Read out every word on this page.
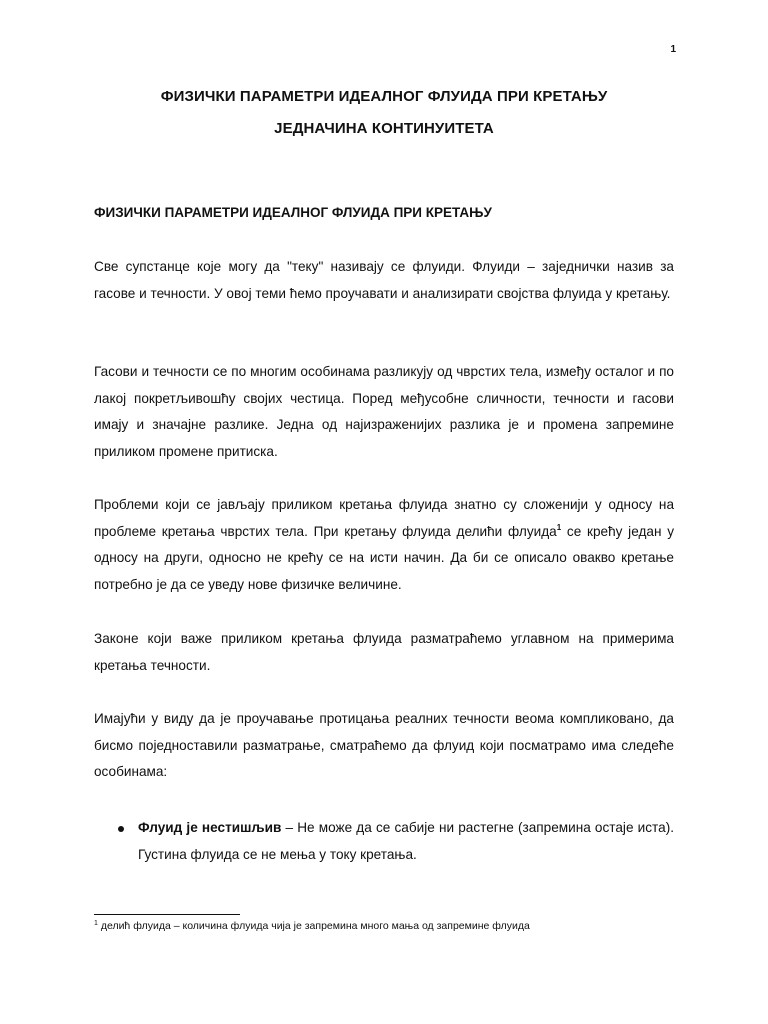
1
ФИЗИЧКИ ПАРАМЕТРИ ИДЕАЛНОГ ФЛУИДА ПРИ КРЕТАЊУ
ЈЕДНАЧИНА КОНТИНУИТЕТА
ФИЗИЧКИ ПАРАМЕТРИ ИДЕАЛНОГ ФЛУИДА ПРИ КРЕТАЊУ
Све супстанце које могу да "теку" називају се флуиди. Флуиди – заједнички назив за гасове и течности. У овој теми ћемо проучавати и анализирати својства флуида у кретању.
Гасови и течности се по многим особинама разликују од чврстих тела, између осталог и по лакој покретљивошћу својих честица. Поред међусобне сличности, течности и гасови имају и значајне разлике. Једна од најизраженијих разлика је и промена запремине приликом промене притиска.
Проблеми који се јављају приликом кретања флуида знатно су сложенији у односу на проблеме кретања чврстих тела. При кретању флуида делићи флуида$^1$ се крећу један у односу на други, односно не крећу се на исти начин. Да би се описало овакво кретање потребно је да се уведу нове физичке величине.
Законе који важе приликом кретања флуида разматраћемо углавном на примерима кретања течности.
Имајући у виду да је проучавање протицања реалних течности веома компликовано, да бисмо поједноставили разматрање, сматраћемо да флуид који посматрамо има следеће особинама:
Флуид је нестишљив – Не може да се сабије ни растегне (запремина остаје иста). Густина флуида се не мења у току кретања.
$^1$ делић флуида – количина флуида чија је запремина много мања од запремине флуида
